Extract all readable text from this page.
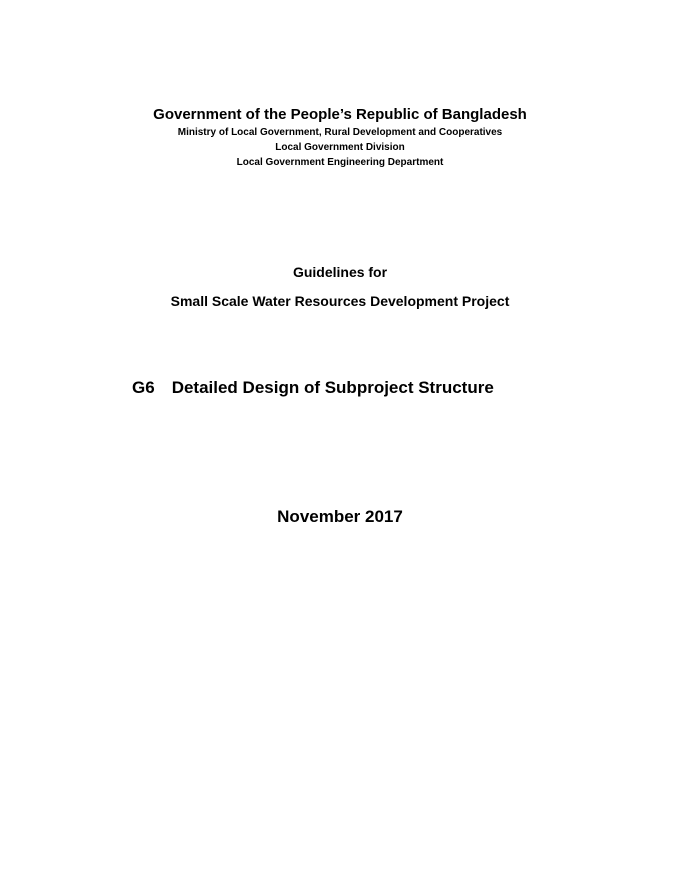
Government of the People’s Republic of Bangladesh
Ministry of Local Government, Rural Development and Cooperatives
Local Government Division
Local Government Engineering Department
Guidelines for
Small Scale Water Resources Development Project
G6 Detailed Design of Subproject Structure
November 2017
